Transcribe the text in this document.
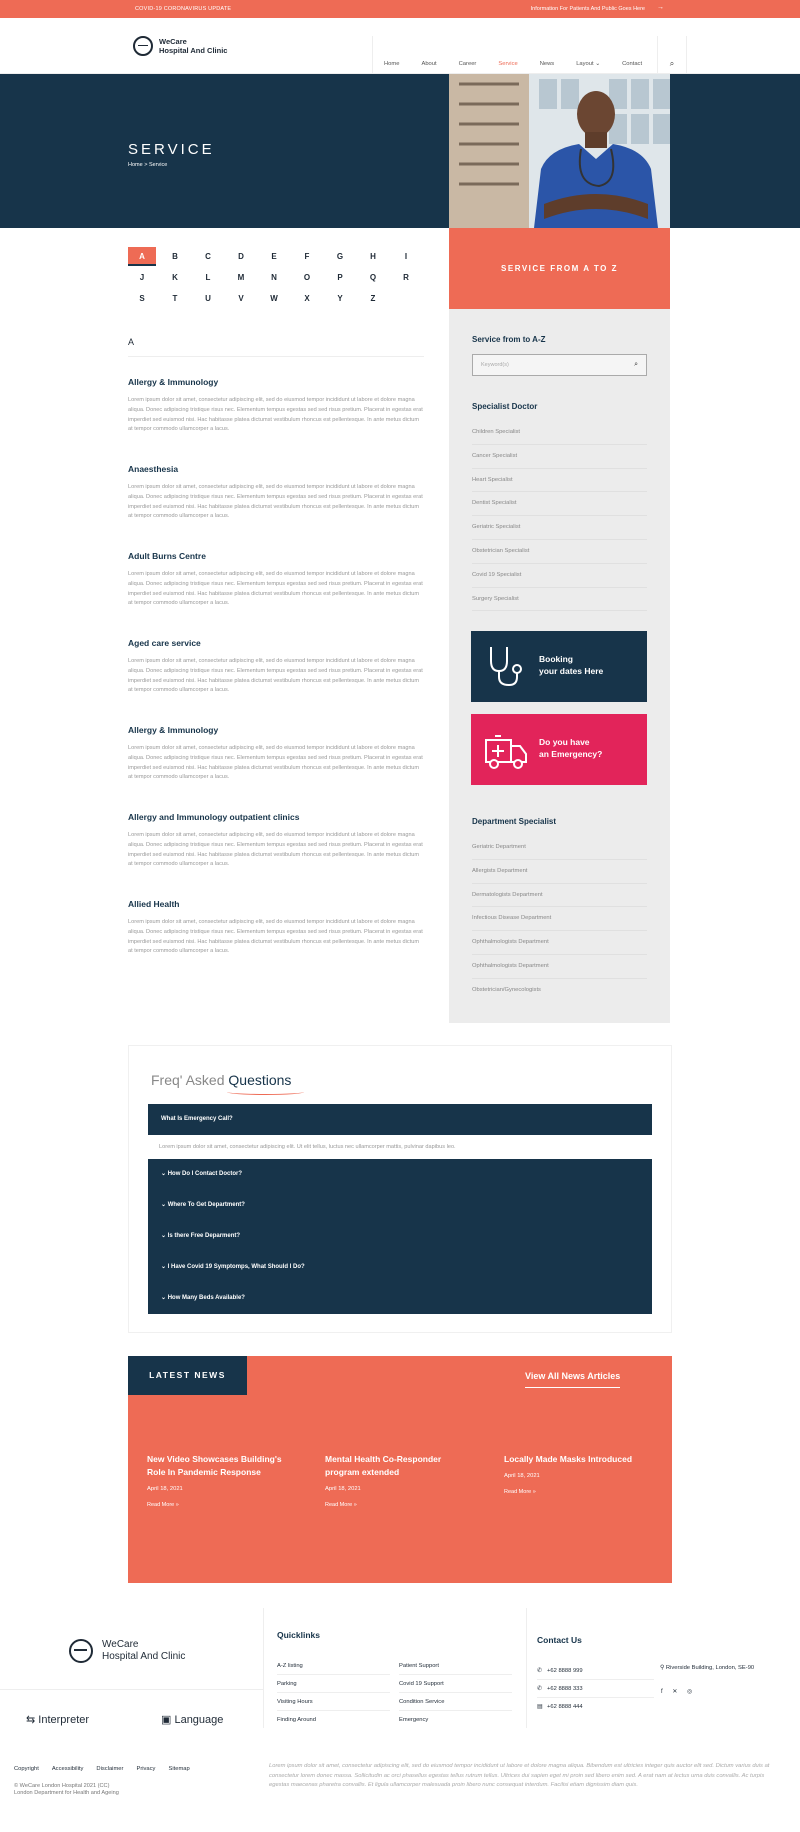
COVID-19 CORONAVIRUS UPDATE	Information For Patients And Public Goes Here →
WeCare
Hospital And Clinic
Home	About	Career	Service	News	Layout ⌄	Contact	⌕
SERVICE
Home > Service
A	B	C	D	E	F	G	H	I
J	K	L	M	N	O	P	Q	R
S	T	U	V	W	X	Y	Z
A
Allergy & Immunology

Lorem ipsum dolor sit amet, consectetur adipiscing elit, sed do eiusmod tempor incididunt ut labore et dolore magna aliqua. Donec adipiscing tristique risus nec. Elementum tempus egestas sed sed risus pretium. Placerat in egestas erat imperdiet sed euismod nisi. Hac habitasse platea dictumst vestibulum rhoncus est pellentesque. In ante metus dictum at tempor commodo ullamcorper a lacus.

Anaesthesia

Lorem ipsum dolor sit amet, consectetur adipiscing elit, sed do eiusmod tempor incididunt ut labore et dolore magna aliqua. Donec adipiscing tristique risus nec. Elementum tempus egestas sed sed risus pretium. Placerat in egestas erat imperdiet sed euismod nisi. Hac habitasse platea dictumst vestibulum rhoncus est pellentesque. In ante metus dictum at tempor commodo ullamcorper a lacus.

Adult Burns Centre

Lorem ipsum dolor sit amet, consectetur adipiscing elit, sed do eiusmod tempor incididunt ut labore et dolore magna aliqua. Donec adipiscing tristique risus nec. Elementum tempus egestas sed sed risus pretium. Placerat in egestas erat imperdiet sed euismod nisi. Hac habitasse platea dictumst vestibulum rhoncus est pellentesque. In ante metus dictum at tempor commodo ullamcorper a lacus.

Aged care service

Lorem ipsum dolor sit amet, consectetur adipiscing elit, sed do eiusmod tempor incididunt ut labore et dolore magna aliqua. Donec adipiscing tristique risus nec. Elementum tempus egestas sed sed risus pretium. Placerat in egestas erat imperdiet sed euismod nisi. Hac habitasse platea dictumst vestibulum rhoncus est pellentesque. In ante metus dictum at tempor commodo ullamcorper a lacus.

Allergy & Immunology

Lorem ipsum dolor sit amet, consectetur adipiscing elit, sed do eiusmod tempor incididunt ut labore et dolore magna aliqua. Donec adipiscing tristique risus nec. Elementum tempus egestas sed sed risus pretium. Placerat in egestas erat imperdiet sed euismod nisi. Hac habitasse platea dictumst vestibulum rhoncus est pellentesque. In ante metus dictum at tempor commodo ullamcorper a lacus.

Allergy and Immunology outpatient clinics

Lorem ipsum dolor sit amet, consectetur adipiscing elit, sed do eiusmod tempor incididunt ut labore et dolore magna aliqua. Donec adipiscing tristique risus nec. Elementum tempus egestas sed sed risus pretium. Placerat in egestas erat imperdiet sed euismod nisi. Hac habitasse platea dictumst vestibulum rhoncus est pellentesque. In ante metus dictum at tempor commodo ullamcorper a lacus.

Allied Health

Lorem ipsum dolor sit amet, consectetur adipiscing elit, sed do eiusmod tempor incididunt ut labore et dolore magna aliqua. Donec adipiscing tristique risus nec. Elementum tempus egestas sed sed risus pretium. Placerat in egestas erat imperdiet sed euismod nisi. Hac habitasse platea dictumst vestibulum rhoncus est pellentesque. In ante metus dictum at tempor commodo ullamcorper a lacus.

SERVICE FROM A TO Z
Service from to A-Z
Keyword(s)	⌕
Specialist Doctor
Children Specialist
Cancer Specialist
Heart Specialist
Dentist Specialist
Geriatric Specialist
Obstetrician Specialist
Covid 19 Specialist
Surgery Specialist
Booking
your dates Here
Do you have
an Emergency?
Department Specialist
Geriatric Department
Allergists Department
Dermatologists Department
Infectious Disease Department
Ophthalmologists Department
Ophthalmologists Department
Obstetrician/Gynecologists
Freq' Asked Questions
What Is Emergency Call?
Lorem ipsum dolor sit amet, consectetur adipiscing elit. Ut elit tellus, luctus nec ullamcorper mattis, pulvinar dapibus leo.
⌄ How Do I Contact Doctor?
⌄ Where To Get Department?
⌄ Is there Free Deparment?
⌄ I Have Covid 19 Symptomps, What Should I Do?
⌄ How Many Beds Available?
LATEST NEWS	View All News Articles
New Video Showcases Building's Role In Pandemic Response
April 18, 2021
Read More »
Mental Health Co-Responder program extended
April 18, 2021
Read More »
Locally Made Masks Introduced
April 18, 2021
Read More »
WeCare
Hospital And Clinic
⇆ Interpreter	▣ Language
Quicklinks
A-Z listing
Parking
Visiting Hours
Finding Around
Patient Support
Covid 19 Support
Condition Service
Emergency
Contact Us
✆ +62 8888 999
✆ +62 8888 333
▤ +62 8888 444
⚲ Riverside Building, London, SE-90
f ✕ ◎
Copyright Accessibility Disclaimer Privacy Sitemap
© WeCare London Hospital 2021 (CC)
London Department for Health and Ageing
Lorem ipsum dolor sit amet, consectetur adipiscing elit, sed do eiusmod tempor incididunt ut labore et dolore magna aliqua. Bibendum est ultricies integer quis auctor elit sed. Dictum varius duis at consectetur lorem donec massa. Sollicitudin ac orci phasellus egestas tellus rutrum tellus. Ultrices dui sapien eget mi proin sed libero enim sed. A erat nam at lectus urna duis convallis. Ac turpis egestas maecenas pharetra convallis. Et ligula ullamcorper malesuada proin libero nunc consequat interdum. Facilisi etiam dignissim diam quis.
